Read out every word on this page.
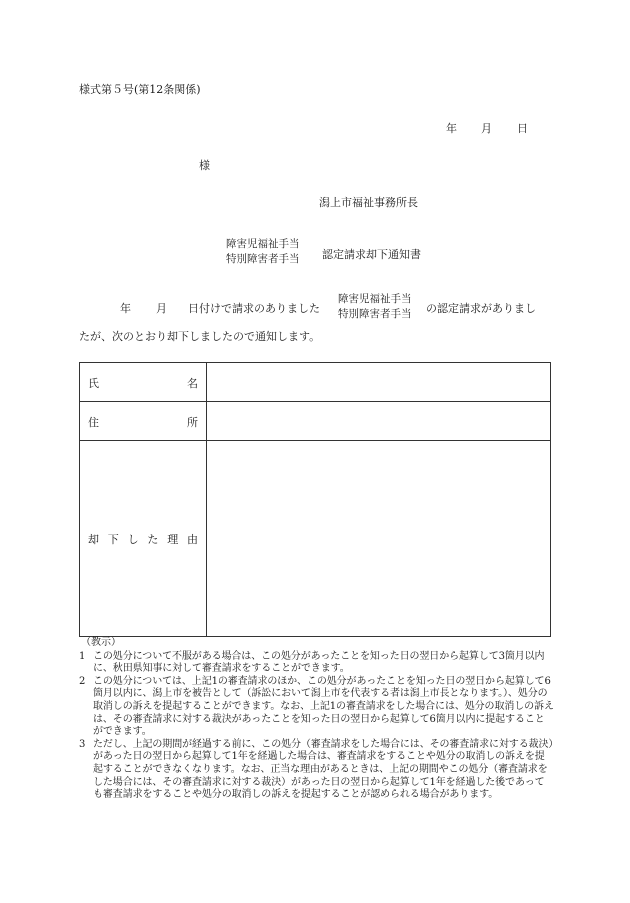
様式第５号(第12条関係)
年 月 日
様
潟上市福祉事務所長
障害児福祉手当
特別障害者手当 認定請求却下通知書
年 月 日付けで請求のありました
障害児福祉手当
特別障害者手当 の認定請求がありまし
たが、次のとおり却下しましたので通知します。
氏	名
住	所
却 下 し た 理 由
（教示）
1 この処分について不服がある場合は、この処分があったことを知った日の翌日から起算して3箇月以内に、秋田県知事に対して審査請求をすることができます。
2 この処分については、上記1の審査請求のほか、この処分があったことを知った日の翌日から起算して6箇月以内に、潟上市を被告として（訴訟において潟上市を代表する者は潟上市長となります。）、処分の取消しの訴えを提起することができます。なお、上記1の審査請求をした場合には、処分の取消しの訴えは、その審査請求に対する裁決があったことを知った日の翌日から起算して6箇月以内に提起することができます。
3 ただし、上記の期間が経過する前に、この処分（審査請求をした場合には、その審査請求に対する裁決）があった日の翌日から起算して1年を経過した場合は、審査請求をすることや処分の取消しの訴えを提起することができなくなります。なお、正当な理由があるときは、上記の期間やこの処分（審査請求をした場合には、その審査請求に対する裁決）があった日の翌日から起算して1年を経過した後であっても審査請求をすることや処分の取消しの訴えを提起することが認められる場合があります。
